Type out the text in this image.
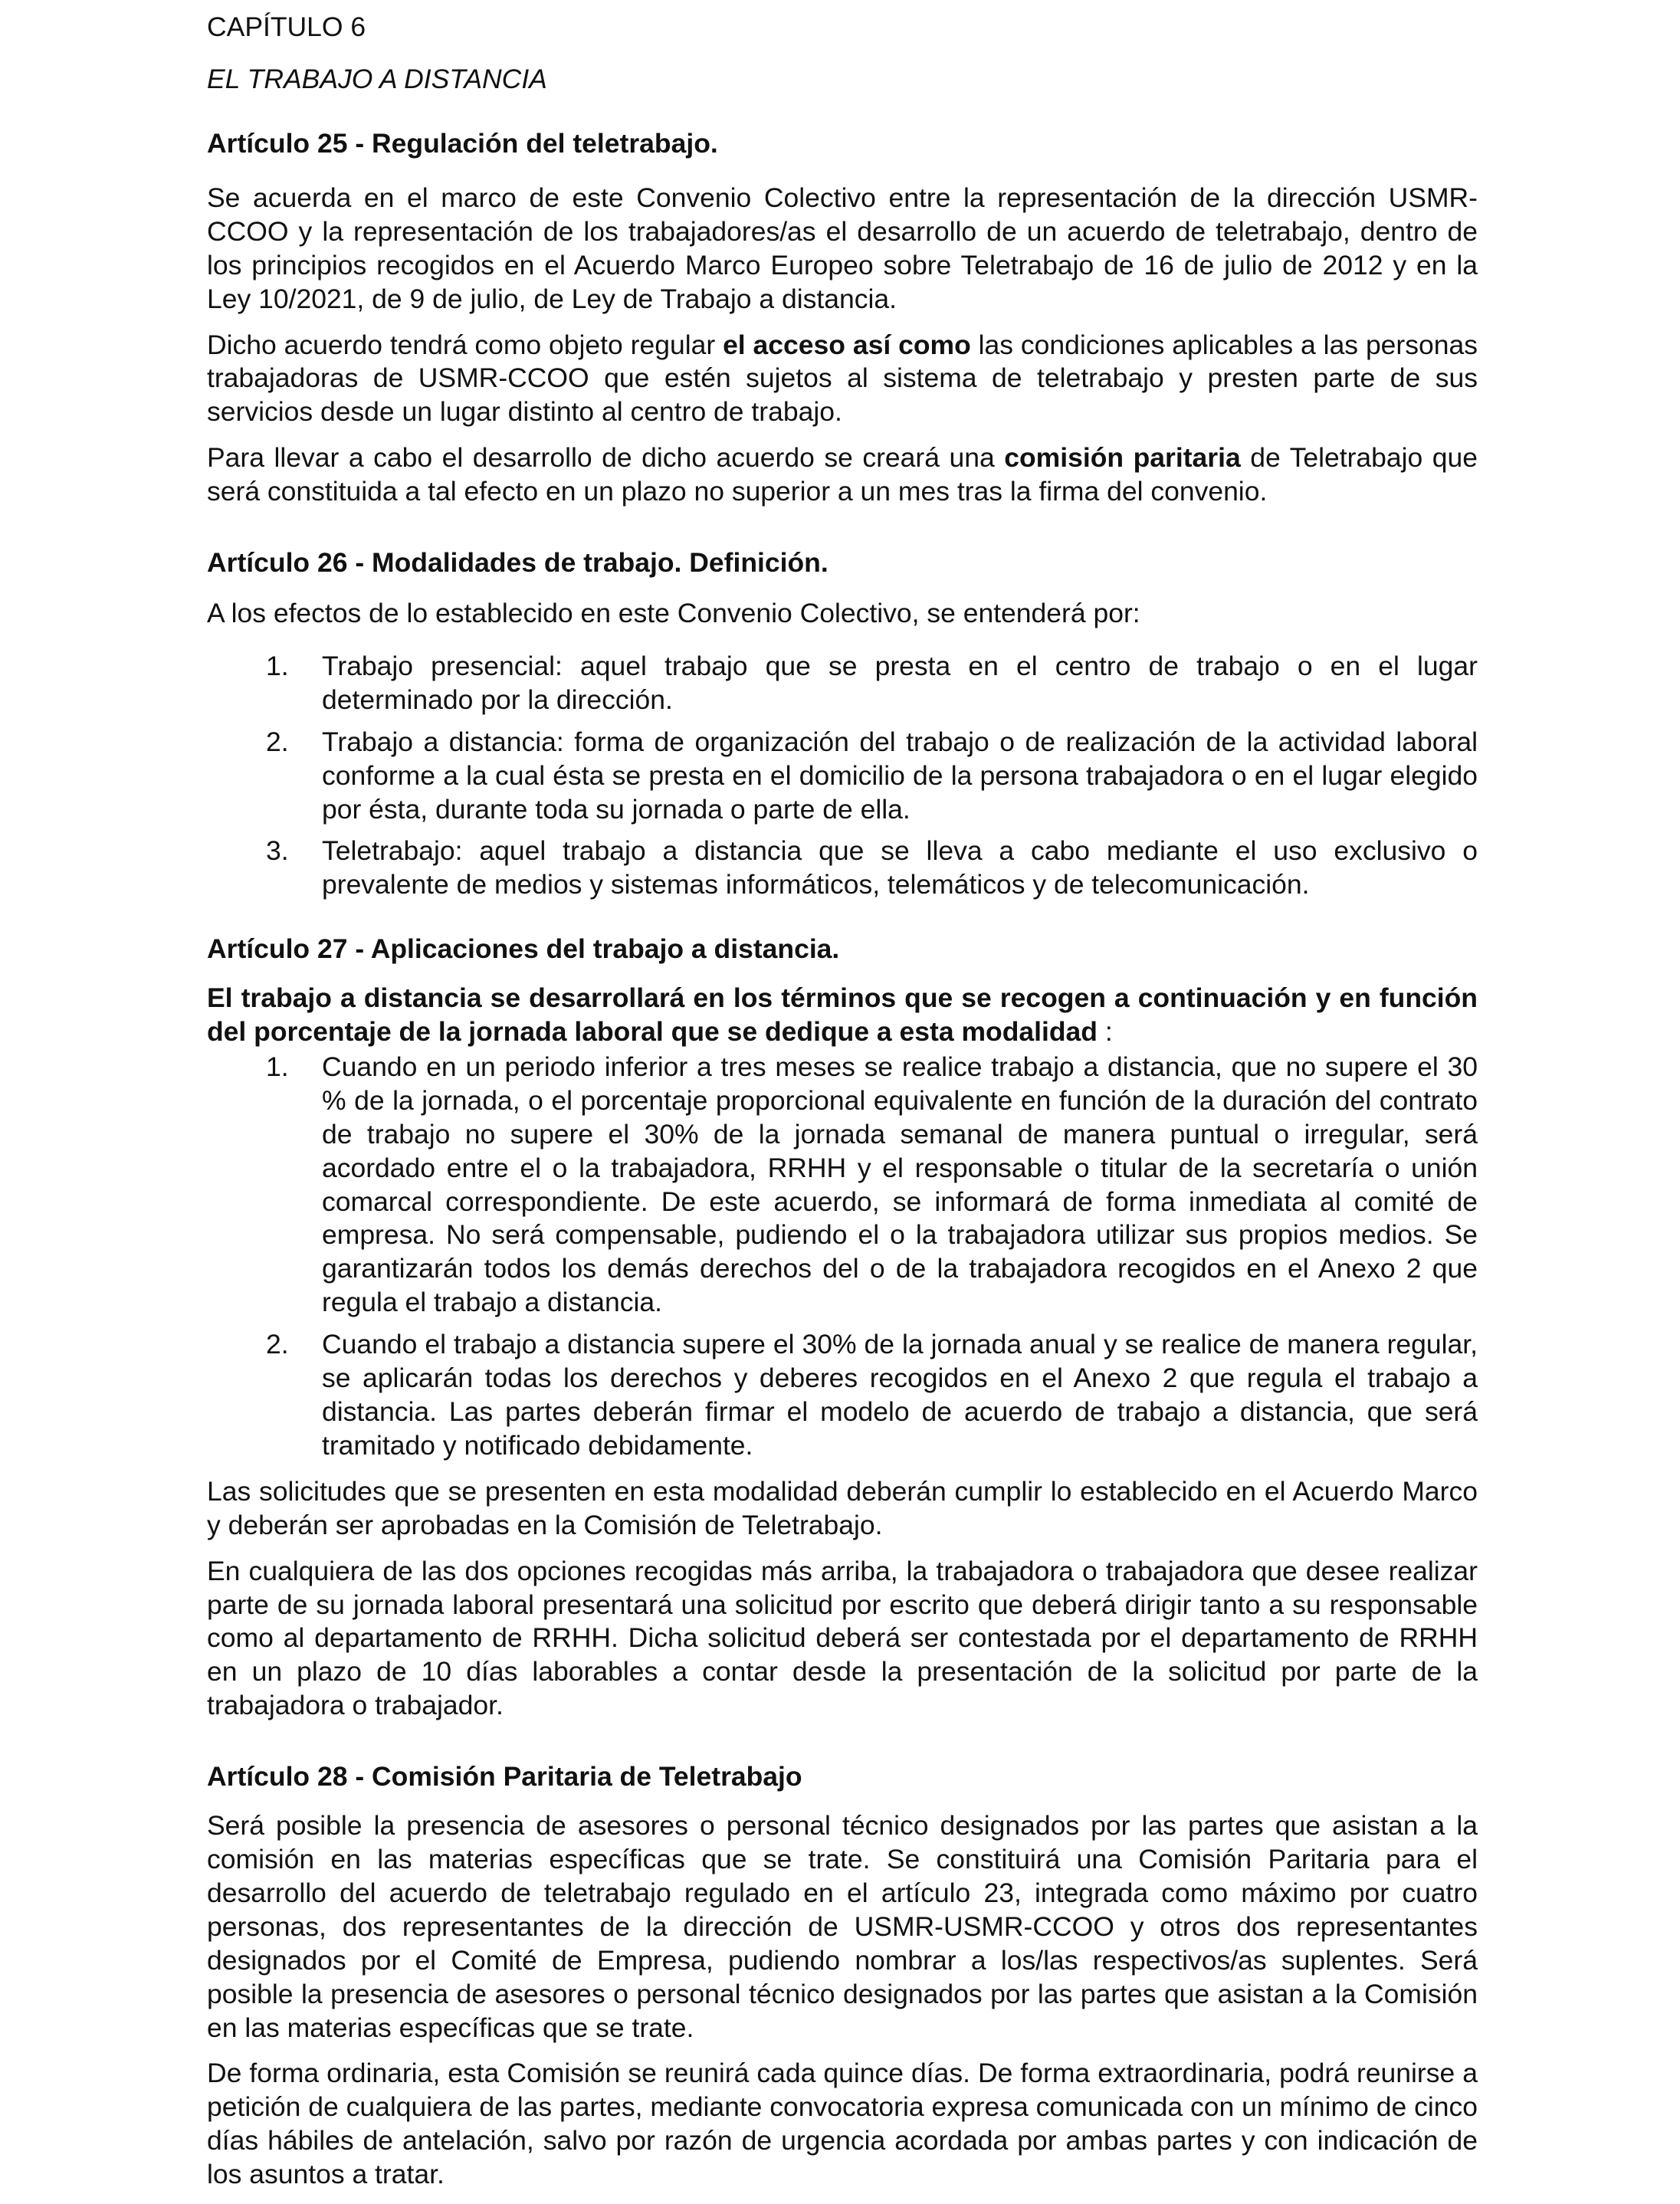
CAPÍTULO 6

EL TRABAJO A DISTANCIA

Artículo 25 - Regulación del teletrabajo.

Se acuerda en el marco de este Convenio Colectivo entre la representación de la dirección USMR-CCOO y la representación de los trabajadores/as el desarrollo de un acuerdo de teletrabajo, dentro de los principios recogidos en el Acuerdo Marco Europeo sobre Teletrabajo de 16 de julio de 2012 y en la Ley 10/2021, de 9 de julio, de Ley de Trabajo a distancia.

Dicho acuerdo tendrá como objeto regular el acceso así como las condiciones aplicables a las personas trabajadoras de USMR-CCOO que estén sujetos al sistema de teletrabajo y presten parte de sus servicios desde un lugar distinto al centro de trabajo.

Para llevar a cabo el desarrollo de dicho acuerdo se creará una comisión paritaria de Teletrabajo que será constituida a tal efecto en un plazo no superior a un mes tras la firma del convenio.

Artículo 26 - Modalidades de trabajo. Definición.

A los efectos de lo establecido en este Convenio Colectivo, se entenderá por:

1. Trabajo presencial: aquel trabajo que se presta en el centro de trabajo o en el lugar determinado por la dirección.
2. Trabajo a distancia: forma de organización del trabajo o de realización de la actividad laboral conforme a la cual ésta se presta en el domicilio de la persona trabajadora o en el lugar elegido por ésta, durante toda su jornada o parte de ella.
3. Teletrabajo: aquel trabajo a distancia que se lleva a cabo mediante el uso exclusivo o prevalente de medios y sistemas informáticos, telemáticos y de telecomunicación.
Artículo 27 - Aplicaciones del trabajo a distancia.

El trabajo a distancia se desarrollará en los términos que se recogen a continuación y en función del porcentaje de la jornada laboral que se dedique a esta modalidad :

1. Cuando en un periodo inferior a tres meses se realice trabajo a distancia, que no supere el 30 % de la jornada, o el porcentaje proporcional equivalente en función de la duración del contrato de trabajo no supere el 30% de la jornada semanal de manera puntual o irregular, será acordado entre el o la trabajadora, RRHH y el responsable o titular de la secretaría o unión comarcal correspondiente. De este acuerdo, se informará de forma inmediata al comité de empresa. No será compensable, pudiendo el o la trabajadora utilizar sus propios medios. Se garantizarán todos los demás derechos del o de la trabajadora recogidos en el Anexo 2 que regula el trabajo a distancia.
2. Cuando el trabajo a distancia supere el 30% de la jornada anual y se realice de manera regular, se aplicarán todas los derechos y deberes recogidos en el Anexo 2 que regula el trabajo a distancia. Las partes deberán firmar el modelo de acuerdo de trabajo a distancia, que será tramitado y notificado debidamente.

Las solicitudes que se presenten en esta modalidad deberán cumplir lo establecido en el Acuerdo Marco y deberán ser aprobadas en la Comisión de Teletrabajo.

En cualquiera de las dos opciones recogidas más arriba, la trabajadora o trabajadora que desee realizar parte de su jornada laboral presentará una solicitud por escrito que deberá dirigir tanto a su responsable como al departamento de RRHH. Dicha solicitud deberá ser contestada por el departamento de RRHH en un plazo de 10 días laborables a contar desde la presentación de la solicitud por parte de la trabajadora o trabajador.

Artículo 28 - Comisión Paritaria de Teletrabajo

Será posible la presencia de asesores o personal técnico designados por las partes que asistan a la comisión en las materias específicas que se trate. Se constituirá una Comisión Paritaria para el desarrollo del acuerdo de teletrabajo regulado en el artículo 23, integrada como máximo por cuatro personas, dos representantes de la dirección de USMR-USMR-CCOO y otros dos representantes designados por el Comité de Empresa, pudiendo nombrar a los/las respectivos/as suplentes. Será posible la presencia de asesores o personal técnico designados por las partes que asistan a la Comisión en las materias específicas que se trate.

De forma ordinaria, esta Comisión se reunirá cada quince días. De forma extraordinaria, podrá reunirse a petición de cualquiera de las partes, mediante convocatoria expresa comunicada con un mínimo de cinco días hábiles de antelación, salvo por razón de urgencia acordada por ambas partes y con indicación de los asuntos a tratar.
